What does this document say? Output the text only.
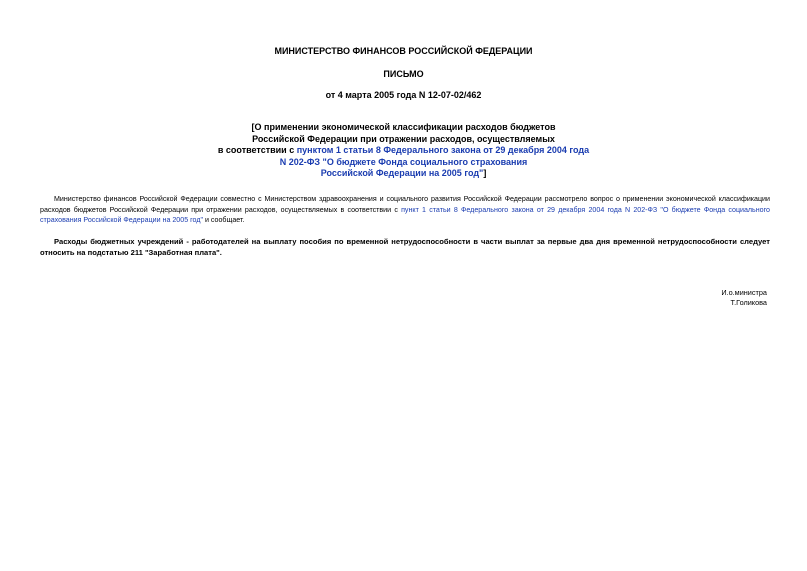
МИНИСТЕРСТВО ФИНАНСОВ РОССИЙСКОЙ ФЕДЕРАЦИИ
ПИСЬМО
от 4 марта 2005 года N 12-07-02/462
[О применении экономической классификации расходов бюджетов
Российской Федерации при отражении расходов, осуществляемых
в соответствии с пунктом 1 статьи 8 Федерального закона от 29 декабря 2004 года
N 202-ФЗ "О бюджете Фонда социального страхования
Российской Федерации на 2005 год"]
Министерство финансов Российской Федерации совместно с Министерством здравоохранения и социального развития Российской Федерации рассмотрело вопрос о применении экономической классификации расходов бюджетов Российской Федерации при отражении расходов, осуществляемых в соответствии с пункт 1 статьи 8 Федерального закона от 29 декабря 2004 года N 202-ФЗ "О бюджете Фонда социального страхования Российской Федерации на 2005 год" и сообщает.
Расходы бюджетных учреждений - работодателей на выплату пособия по временной нетрудоспособности в части выплат за первые два дня временной нетрудоспособности следует относить на подстатью 211 "Заработная плата".
И.о.министра
Т.Голикова
